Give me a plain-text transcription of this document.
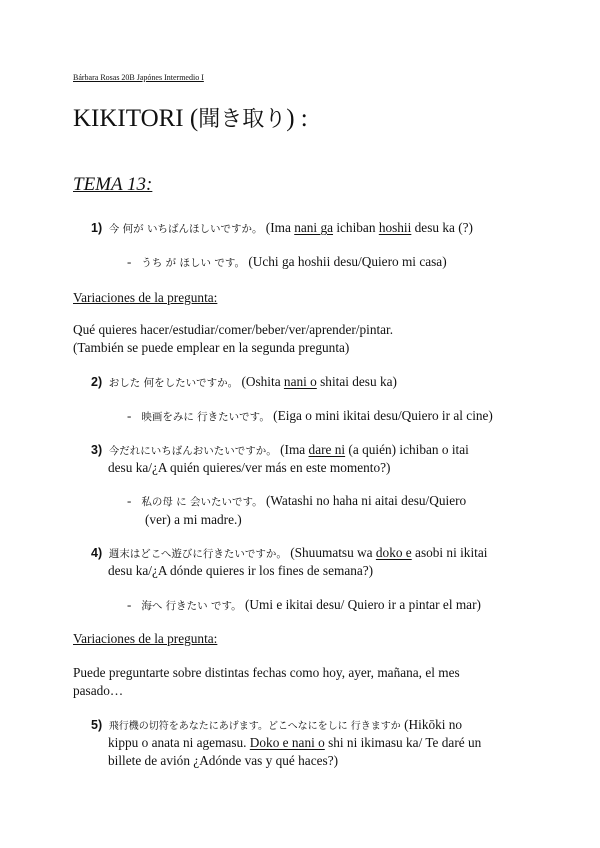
Bárbara Rosas 20B Japónes Intermedio I
KIKITORI (聞き取り) :
TEMA 13:
1) 今 何が いちばんほしいですか。 (Ima nani ga ichiban hoshii desu ka (?)
- うち が ほしい です。 (Uchi ga hoshii desu/Quiero mi casa)
Variaciones de la pregunta:
Qué quieres hacer/estudiar/comer/beber/ver/aprender/pintar.
(También se puede emplear en la segunda pregunta)
2) おした 何をしたいですか。 (Oshita nani o shitai desu ka)
- 映画をみに 行きたいです。 (Eiga o mini ikitai desu/Quiero ir al cine)
3) 今だれにいちばんおいたいですか。 (Ima dare ni (a quién) ichiban o itai
desu ka/¿A quién quieres/ver más en este momento?)
- 私の母 に 会いたいです。 (Watashi no haha ni aitai desu/Quiero
(ver) a mi madre.)
4) 週末はどこへ遊びに行きたいですか。 (Shuumatsu wa doko e asobi ni ikitai
desu ka/¿A dónde quieres ir los fines de semana?)
- 海へ 行きたい です。 (Umi e ikitai desu/ Quiero ir a pintar el mar)
Variaciones de la pregunta:
Puede preguntarte sobre distintas fechas como hoy, ayer, mañana, el mes
pasado…
5) 飛行機の切符をあなたにあげます。どこへなにをしに 行きますか (Hikōki no
kippu o anata ni agemasu. Doko e nani o shi ni ikimasu ka/ Te daré un
billete de avión ¿Adónde vas y qué haces?)
